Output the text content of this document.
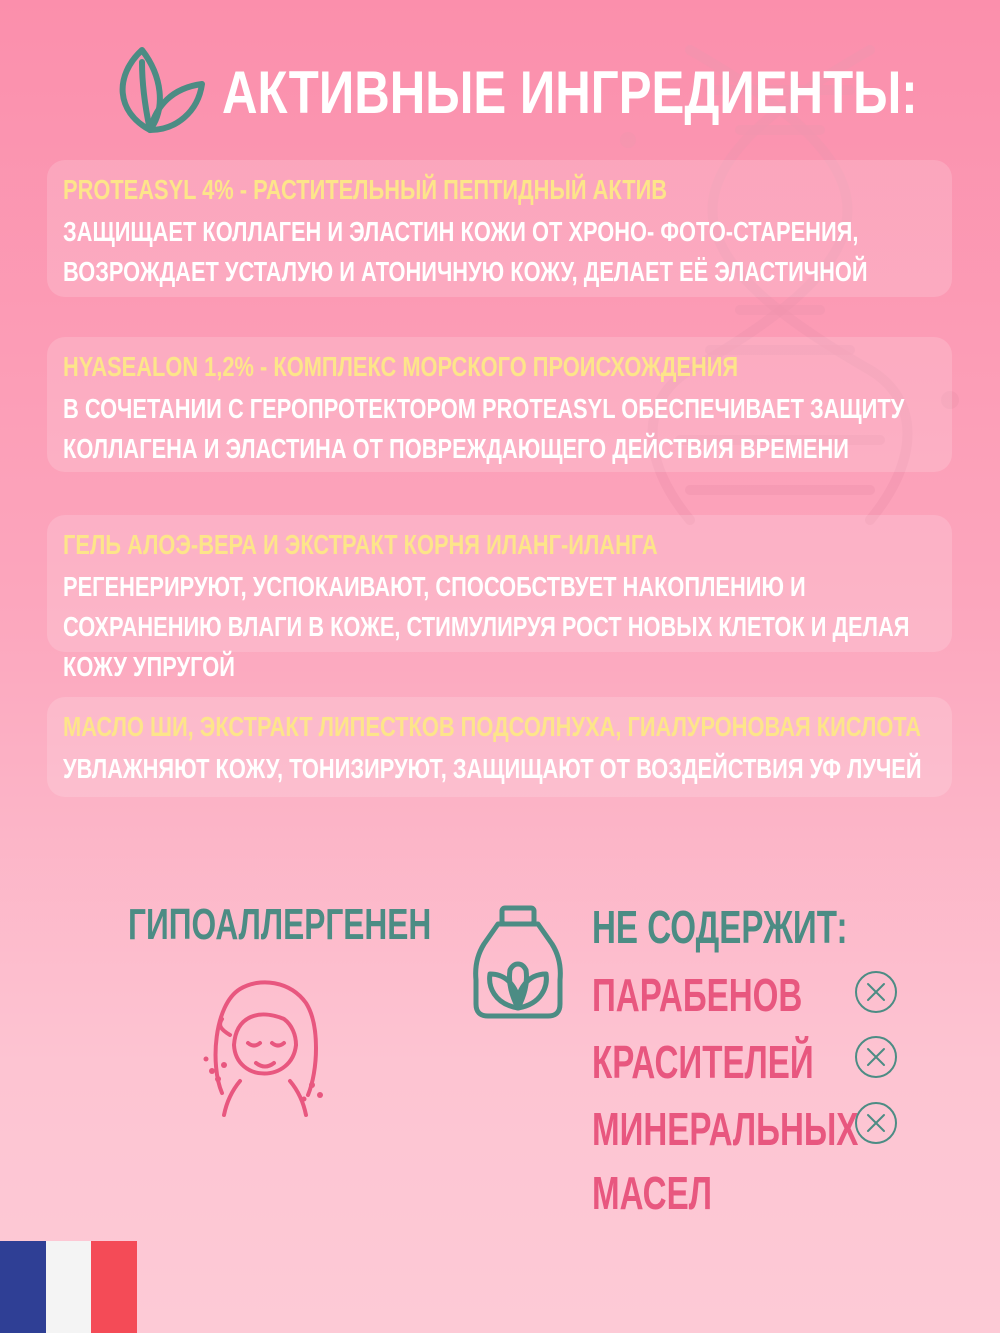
АКТИВНЫЕ ИНГРЕДИЕНТЫ:

PROTEASYL 4% - РАСТИТЕЛЬНЫЙ ПЕПТИДНЫЙ АКТИВ

ЗАЩИЩАЕТ КОЛЛАГЕН И ЭЛАСТИН КОЖИ ОТ ХРОНО- ФОТО-СТАРЕНИЯ, ВОЗРОЖДАЕТ УСТАЛУЮ И АТОНИЧНУЮ КОЖУ, ДЕЛАЕТ ЕЁ ЭЛАСТИЧНОЙ

HYASEALON 1,2% - КОМПЛЕКС МОРСКОГО ПРОИСХОЖДЕНИЯ

В СОЧЕТАНИИ С ГЕРОПРОТЕКТОРОМ PROTEASYL ОБЕСПЕЧИВАЕТ ЗАЩИТУ КОЛЛАГЕНА И ЭЛАСТИНА ОТ ПОВРЕЖДАЮЩЕГО ДЕЙСТВИЯ ВРЕМЕНИ

ГЕЛЬ АЛОЭ-ВЕРА И ЭКСТРАКТ КОРНЯ ИЛАНГ-ИЛАНГА

РЕГЕНЕРИРУЮТ, УСПОКАИВАЮТ, СПОСОБСТВУЕТ НАКОПЛЕНИЮ И СОХРАНЕНИЮ ВЛАГИ В КОЖЕ, СТИМУЛИРУЯ РОСТ НОВЫХ КЛЕТОК И ДЕЛАЯ КОЖУ УПРУГОЙ

МАСЛО ШИ, ЭКСТРАКТ ЛИПЕСТКОВ ПОДСОЛНУХА, ГИАЛУРОНОВАЯ КИСЛОТА

УВЛАЖНЯЮТ КОЖУ, ТОНИЗИРУЮТ, ЗАЩИЩАЮТ ОТ ВОЗДЕЙСТВИЯ УФ ЛУЧЕЙ

ГИПОАЛЛЕРГЕНЕН	НЕ СОДЕРЖИТ:

ПАРАБЕНОВ

КРАСИТЕЛЕЙ

МИНЕРАЛЬНЫХ МАСЕЛ
